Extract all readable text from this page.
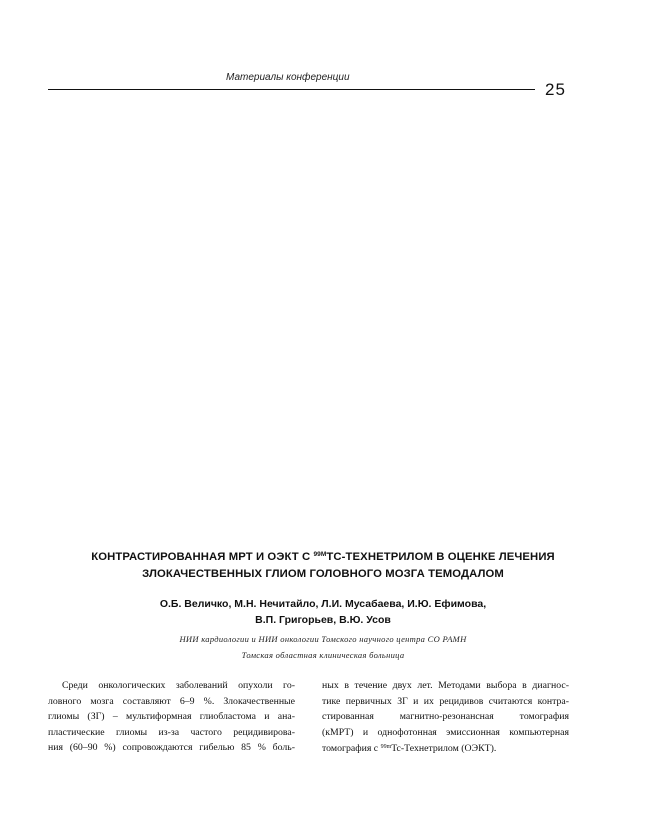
Материалы конференции
25
КОНТРАСТИРОВАННАЯ МРТ И ОЭКТ С $^{99M}$TC-ТЕХНЕТРИЛОМ В ОЦЕНКЕ ЛЕЧЕНИЯ
ЗЛОКАЧЕСТВЕННЫХ ГЛИОМ ГОЛОВНОГО МОЗГА ТЕМОДАЛОМ
О.Б. Величко, М.Н. Нечитайло, Л.И. Мусабаева, И.Ю. Ефимова,
В.П. Григорьев, В.Ю. Усов
НИИ кардиологии и НИИ онкологии Томского научного центра СО РАМН
Томская областная клиническая больница
Среди онкологических заболеваний опухоли го-
ловного мозга составляют 6–9 %. Злокачественные
глиомы (ЗГ) – мультиформная глиобластома и ана-
пластические глиомы из-за частого рецидивирова-
ния (60–90 %) сопровождаются гибелью 85 % боль-
ных в течение двух лет. Методами выбора в диагнос-
тике первичных ЗГ и их рецидивов считаются контра-
стированная магнитно-резонансная томография
(кМРТ) и однофотонная эмиссионная компьютерная
томография с $^{99m}$Tc-Технетрилом (ОЭКТ).
